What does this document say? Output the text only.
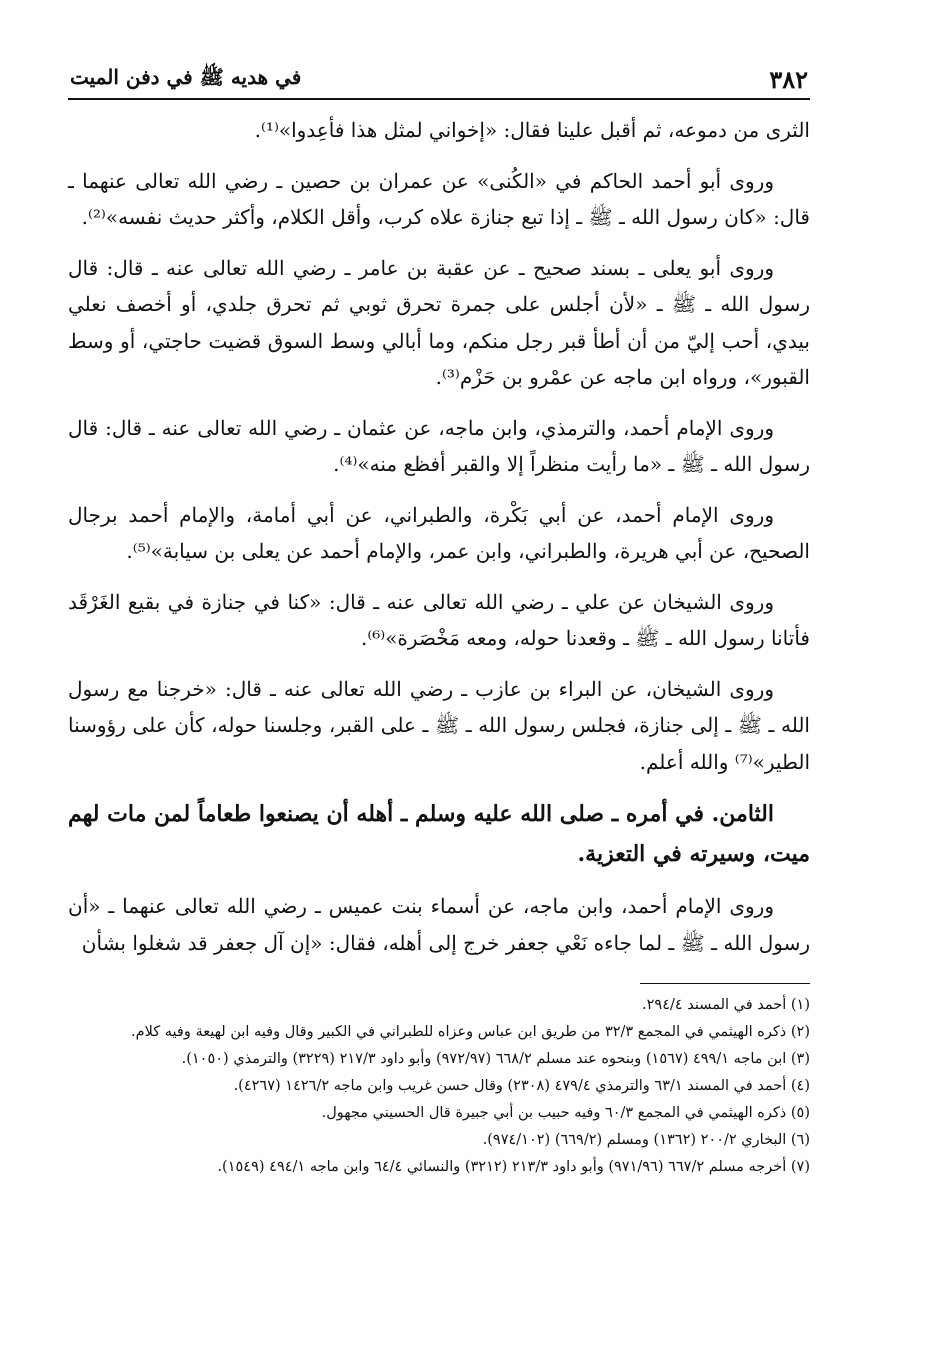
٣٨٢
في هديه ﷺ في دفن الميت

الثرى من دموعه، ثم أقبل علينا فقال: «إخواني لمثل هذا فأعِدوا»⁽¹⁾.

وروى أبو أحمد الحاكم في «الكُنى» عن عمران بن حصين ـ رضي الله تعالى عنهما ـ قال: «كان رسول الله ـ ﷺ ـ إذا تبع جنازة علاه كرب، وأقل الكلام، وأكثر حديث نفسه»⁽²⁾.

وروى أبو يعلى ـ بسند صحيح ـ عن عقبة بن عامر ـ رضي الله تعالى عنه ـ قال: قال رسول الله ـ ﷺ ـ «لأن أجلس على جمرة تحرق ثوبي ثم تحرق جلدي، أو أخصف نعلي بيدي، أحب إليّ من أن أطأ قبر رجل منكم، وما أبالي وسط السوق قضيت حاجتي، أو وسط القبور»، ورواه ابن ماجه عن عمْرو بن حَزْم⁽³⁾.

وروى الإمام أحمد، والترمذي، وابن ماجه، عن عثمان ـ رضي الله تعالى عنه ـ قال: قال رسول الله ـ ﷺ ـ «ما رأيت منظراً إلا والقبر أفظع منه»⁽⁴⁾.

وروى الإمام أحمد، عن أبي بَكْرة، والطبراني، عن أبي أمامة، والإمام أحمد برجال الصحيح، عن أبي هريرة، والطبراني، وابن عمر، والإمام أحمد عن يعلى بن سيابة»⁽⁵⁾.

وروى الشيخان عن علي ـ رضي الله تعالى عنه ـ قال: «كنا في جنازة في بقيع الغَرْقَد فأتانا رسول الله ـ ﷺ ـ وقعدنا حوله، ومعه مَخْصَرة»⁽⁶⁾.

وروى الشيخان، عن البراء بن عازب ـ رضي الله تعالى عنه ـ قال: «خرجنا مع رسول الله ـ ﷺ ـ إلى جنازة، فجلس رسول الله ـ ﷺ ـ على القبر، وجلسنا حوله، كأن على رؤوسنا الطير»⁽⁷⁾ والله أعلم.

الثامن. في أمره ـ صلى الله عليه وسلم ـ أهله أن يصنعوا طعاماً لمن مات لهم ميت، وسيرته في التعزية.

وروى الإمام أحمد، وابن ماجه، عن أسماء بنت عميس ـ رضي الله تعالى عنهما ـ «أن رسول الله ـ ﷺ ـ لما جاءه نَعْي جعفر خرج إلى أهله، فقال: «إن آل جعفر قد شغلوا بشأن

(١) أحمد في المسند ٢٩٤/٤.

(٢) ذكره الهيثمي في المجمع ٣٢/٣ من طريق ابن عباس وعزاه للطبراني في الكبير وقال وفيه ابن لهيعة وفيه كلام.

(٣) ابن ماجه ٤٩٩/١ (١٥٦٧) وبنحوه عند مسلم ٦٦٨/٢ (٩٧٢/٩٧) وأبو داود ٢١٧/٣ (٣٢٢٩) والترمذي (١٠٥٠).

(٤) أحمد في المسند ٦٣/١ والترمذي ٤٧٩/٤ (٢٣٠٨) وقال حسن غريب وابن ماجه ١٤٢٦/٢ (٤٢٦٧).

(٥) ذكره الهيثمي في المجمع ٦٠/٣ وفيه حبيب بن أبي جبيرة قال الحسيني مجهول.

(٦) البخاري ٢٠٠/٢ (١٣٦٢) ومسلم (٦٦٩/٢) (٩٧٤/١٠٢).

(٧) أخرجه مسلم ٦٦٧/٢ (٩٧١/٩٦) وأبو داود ٢١٣/٣ (٣٢١٢) والنسائي ٦٤/٤ وابن ماجه ٤٩٤/١ (١٥٤٩).
